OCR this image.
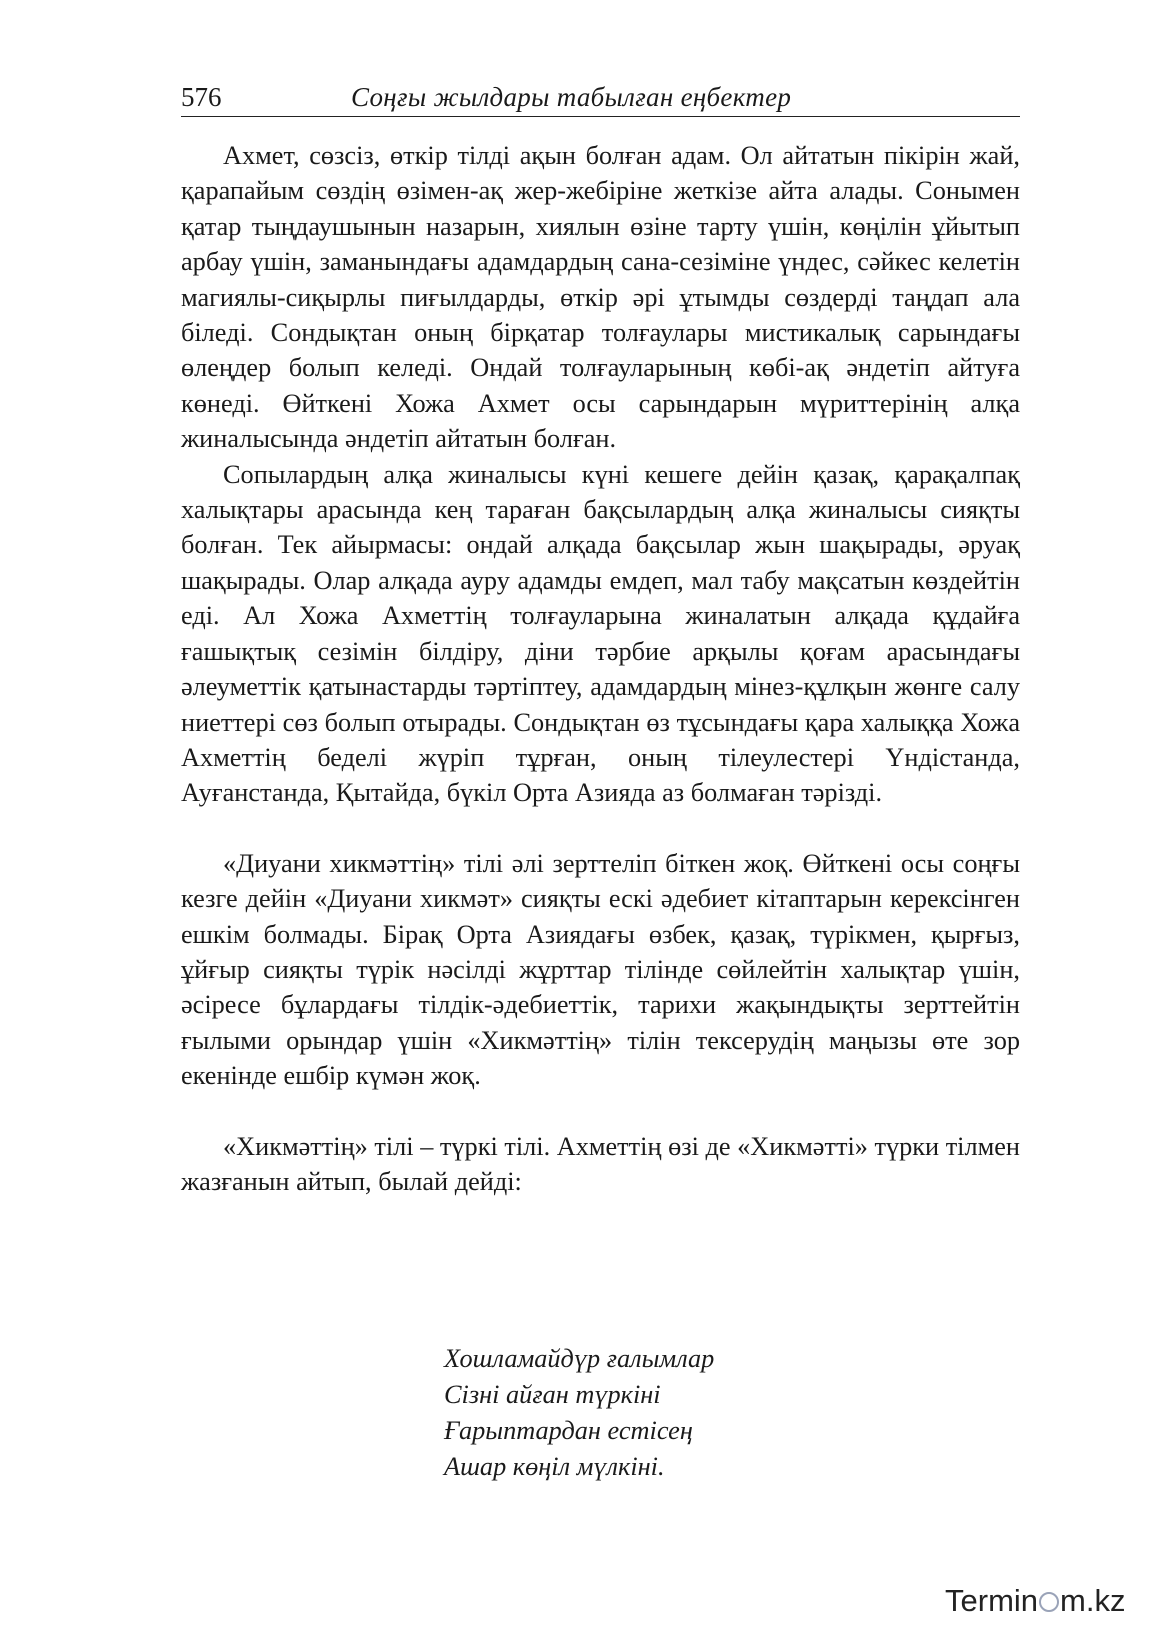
576	Соңғы жылдары табылған еңбектер

Ахмет, сөзсіз, өткір тілді ақын болған адам. Ол айтатын пікірін жай, қарапайым сөздің өзімен-ақ жер-жебіріне жеткізе айта алады. Сонымен қатар тыңдаушынын назарын, хиялын өзіне тарту үшін, көңілін ұйытып арбау үшін, заманындағы адамдардың сана-сезіміне үндес, сәйкес келетін магиялы-сиқырлы пиғылдарды, өткір әрі ұтымды сөздерді таңдап ала біледі. Сондықтан оның бірқатар толғаулары мистикалық сарындағы өлеңдер болып келеді. Ондай толғауларының көбі-ақ әндетіп айтуға көнеді. Өйткені Хожа Ахмет осы сарындарын мүриттерінің алқа жиналысында әндетіп айтатын болған.

Сопылардың алқа жиналысы күні кешеге дейін қазақ, қарақалпақ халықтары арасында кең тараған бақсылардың алқа жиналысы сияқты болған. Тек айырмасы: ондай алқада бақсылар жын шақырады, әруақ шақырады. Олар алқада ауру адамды емдеп, мал табу мақсатын көздейтін еді. Ал Хожа Ахметтің толғауларына жиналатын алқада құдайға ғашықтық сезімін білдіру, діни тәрбие арқылы қоғам арасындағы әлеуметтік қатынастарды тәртіптеу, адамдардың мінез-құлқын жөнге салу ниеттері сөз болып отырады. Сондықтан өз тұсындағы қара халыққа Хожа Ахметтің беделі жүріп тұрған, оның тілеулестері Үндістанда, Ауғанстанда, Қытайда, бүкіл Орта Азияда аз болмаған тәрізді.

«Диуани хикмәттің» тілі әлі зерттеліп біткен жоқ. Өйткені осы соңғы кезге дейін «Диуани хикмәт» сияқты ескі әдебиет кітаптарын керексінген ешкім болмады. Бірақ Орта Азиядағы өзбек, қазақ, түрікмен, қырғыз, ұйғыр сияқты түрік нәсілді жұрттар тілінде сөйлейтін халықтар үшін, әсіресе бұлардағы тілдік-әдебиеттік, тарихи жақындықты зерттейтін ғылыми орындар үшін «Хикмәттің» тілін тексерудің маңызы өте зор екенінде ешбір күмән жоқ.

«Хикмәттің» тілі – түркі тілі. Ахметтің өзі де «Хикмәтті» түрки тілмен жазғанын айтып, былай дейді:

Хошламайдүр ғалымлар
Сізні айған түркіні
Ғарыптардан естісең
Ашар көңіл мүлкіні.
Termin m.kz
